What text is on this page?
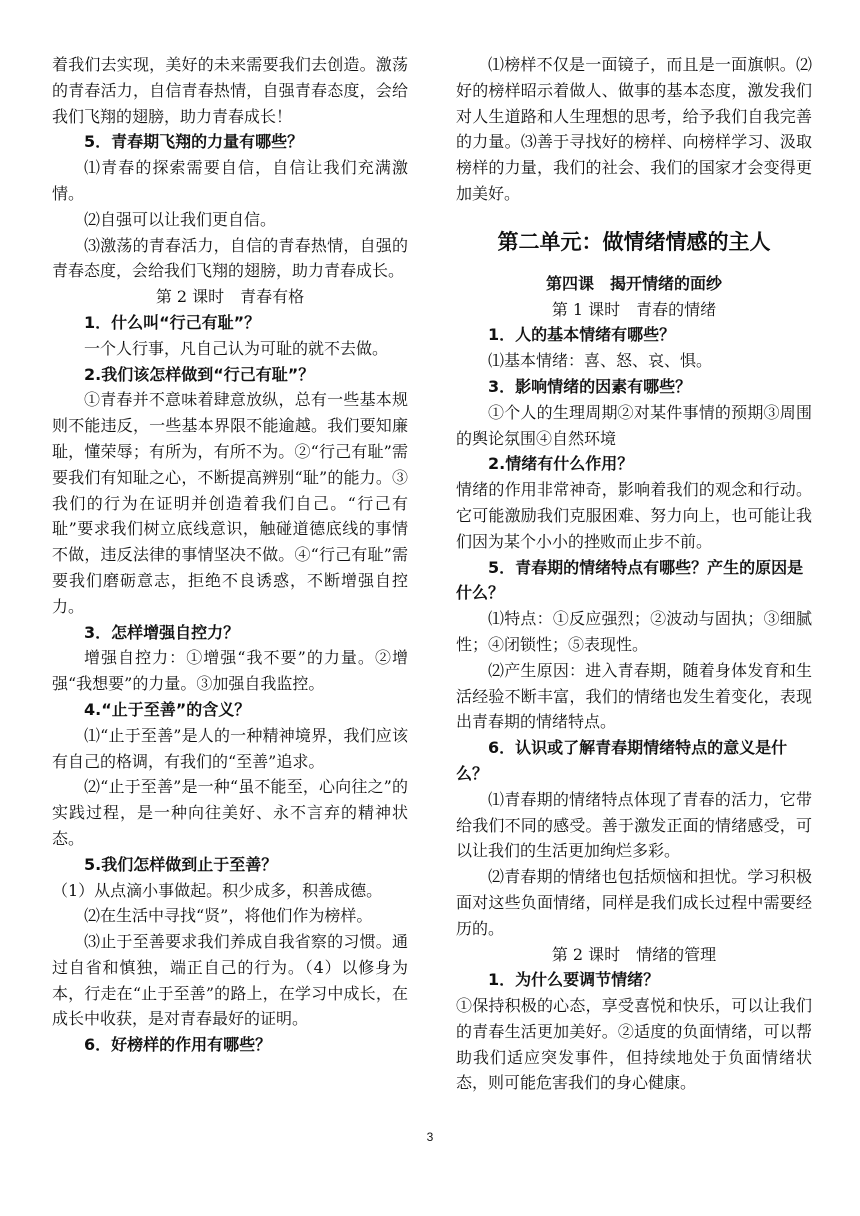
着我们去实现，美好的未来需要我们去创造。激荡的青春活力，自信青春热情，自强青春态度，会给我们飞翔的翅膀，助力青春成长！

5．青春期飞翔的力量有哪些？

⑴青春的探索需要自信，自信让我们充满激情。

⑵自强可以让我们更自信。

⑶激荡的青春活力，自信的青春热情，自强的青春态度，会给我们飞翔的翅膀，助力青春成长。

第 2 课时　青春有格

1．什么叫“行己有耻”？

一个人行事，凡自己认为可耻的就不去做。

2.我们该怎样做到“行己有耻”？

①青春并不意味着肆意放纵，总有一些基本规则不能违反，一些基本界限不能逾越。我们要知廉耻，懂荣辱；有所为，有所不为。②“行己有耻”需要我们有知耻之心，不断提高辨别“耻”的能力。③我们的行为在证明并创造着我们自己。“行己有耻”要求我们树立底线意识，触碰道德底线的事情不做，违反法律的事情坚决不做。④“行己有耻”需要我们磨砺意志，拒绝不良诱惑，不断增强自控力。

3．怎样增强自控力？

增强自控力：①增强“我不要”的力量。②增强“我想要”的力量。③加强自我监控。

4.“止于至善”的含义？

⑴“止于至善”是人的一种精神境界，我们应该有自己的格调，有我们的“至善”追求。

⑵“止于至善”是一种“虽不能至，心向往之”的实践过程，是一种向往美好、永不言弃的精神状态。

5.我们怎样做到止于至善？

（1）从点滴小事做起。积少成多，积善成德。

⑵在生活中寻找“贤”，将他们作为榜样。

⑶止于至善要求我们养成自我省察的习惯。通过自省和慎独，端正自己的行为。（4）以修身为本，行走在“止于至善”的路上，在学习中成长，在成长中收获，是对青春最好的证明。

6．好榜样的作用有哪些？

⑴榜样不仅是一面镜子，而且是一面旗帜。⑵好的榜样昭示着做人、做事的基本态度，激发我们对人生道路和人生理想的思考，给予我们自我完善的力量。⑶善于寻找好的榜样、向榜样学习、汲取榜样的力量，我们的社会、我们的国家才会变得更加美好。

第二单元：做情绪情感的主人

第四课　揭开情绪的面纱

第 1 课时　青春的情绪

1．人的基本情绪有哪些？

⑴基本情绪：喜、怒、哀、惧。

3．影响情绪的因素有哪些？

①个人的生理周期②对某件事情的预期③周围的舆论氛围④自然环境

2.情绪有什么作用？

情绪的作用非常神奇，影响着我们的观念和行动。它可能激励我们克服困难、努力向上，也可能让我们因为某个小小的挫败而止步不前。

5．青春期的情绪特点有哪些？产生的原因是什么？

⑴特点：①反应强烈；②波动与固执；③细腻性；④闭锁性；⑤表现性。

⑵产生原因：进入青春期，随着身体发育和生活经验不断丰富，我们的情绪也发生着变化，表现出青春期的情绪特点。

6．认识或了解青春期情绪特点的意义是什么？

⑴青春期的情绪特点体现了青春的活力，它带给我们不同的感受。善于激发正面的情绪感受，可以让我们的生活更加绚烂多彩。

⑵青春期的情绪也包括烦恼和担忧。学习积极面对这些负面情绪，同样是我们成长过程中需要经历的。

第 2 课时　情绪的管理

1．为什么要调节情绪？

①保持积极的心态，享受喜悦和快乐，可以让我们的青春生活更加美好。②适度的负面情绪，可以帮助我们适应突发事件，但持续地处于负面情绪状态，则可能危害我们的身心健康。

3
